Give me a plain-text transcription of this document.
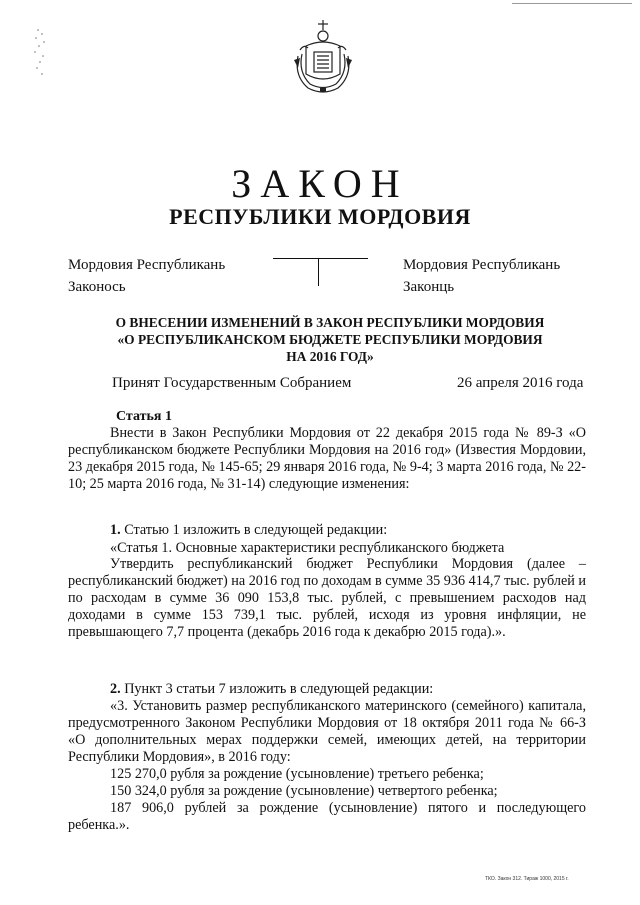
ЗАКОН
РЕСПУБЛИКИ МОРДОВИЯ
Мордовия Республикань
Законось
Мордовия Республикань
Законць
О ВНЕСЕНИИ ИЗМЕНЕНИЙ В ЗАКОН РЕСПУБЛИКИ МОРДОВИЯ
«О РЕСПУБЛИКАНСКОМ БЮДЖЕТЕ РЕСПУБЛИКИ МОРДОВИЯ
НА 2016 ГОД»
Принят Государственным Собранием	26 апреля 2016 года
Статья 1

Внести в Закон Республики Мордовия от 22 декабря 2015 года № 89-З «О республиканском бюджете Республики Мордовия на 2016 год» (Известия Мордовии, 23 декабря 2015 года, № 145-65; 29 января 2016 года, № 9-4; 3 марта 2016 года, № 22-10; 25 марта 2016 года, № 31-14) следующие изменения:

1. Статью 1 изложить в следующей редакции:

«Статья 1. Основные характеристики республиканского бюджета

Утвердить республиканский бюджет Республики Мордовия (далее – республиканский бюджет) на 2016 год по доходам в сумме 35 936 414,7 тыс. рублей и по расходам в сумме 36 090 153,8 тыс. рублей, с превышением расходов над доходами в сумме 153 739,1 тыс. рублей, исходя из уровня инфляции, не превышающего 7,7 процента (декабрь 2016 года к декабрю 2015 года).».

2. Пункт 3 статьи 7 изложить в следующей редакции:

«3. Установить размер республиканского материнского (семейного) капитала, предусмотренного Законом Республики Мордовия от 18 октября 2011 года № 66-З «О дополнительных мерах поддержки семей, имеющих детей, на территории Республики Мордовия», в 2016 году:

125 270,0 рубля за рождение (усыновление) третьего ребенка;

150 324,0 рубля за рождение (усыновление) четвертого ребенка;

187 906,0 рублей за рождение (усыновление) пятого и последующего ребенка.».

ТКО. Закон 312. Тираж 1000, 2015 г.
